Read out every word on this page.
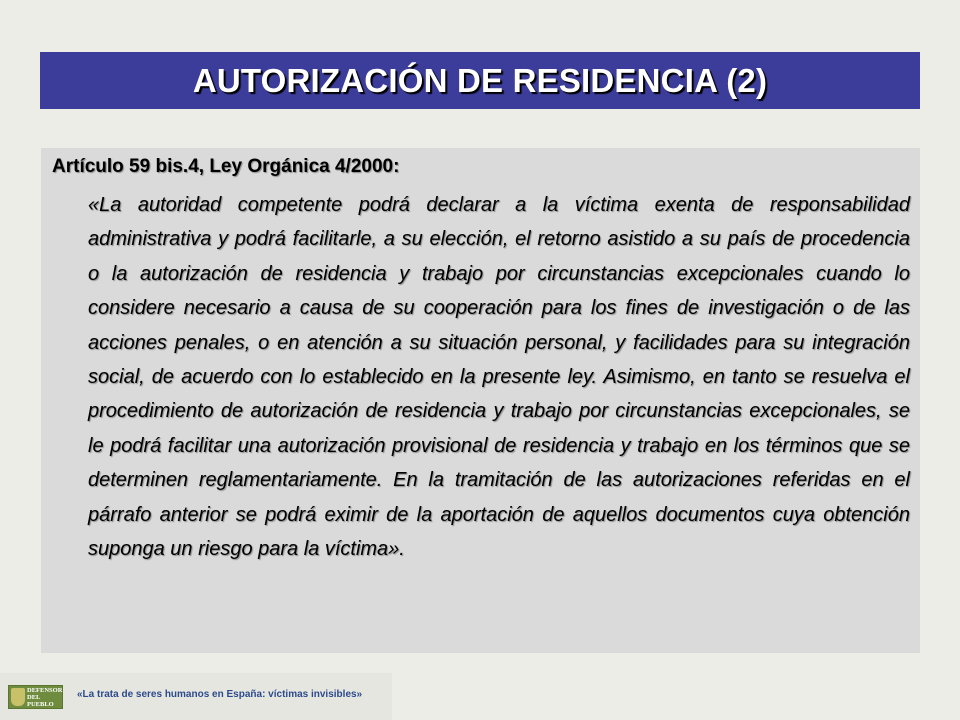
AUTORIZACIÓN DE RESIDENCIA (2)
Artículo 59 bis.4, Ley Orgánica 4/2000:

«La autoridad competente podrá declarar a la víctima exenta de responsabilidad administrativa y podrá facilitarle, a su elección, el retorno asistido a su país de procedencia o la autorización de residencia y trabajo por circunstancias excepcionales cuando lo considere necesario a causa de su cooperación para los fines de investigación o de las acciones penales, o en atención a su situación personal, y facilidades para su integración social, de acuerdo con lo establecido en la presente ley. Asimismo, en tanto se resuelva el procedimiento de autorización de residencia y trabajo por circunstancias excepcionales, se le podrá facilitar una autorización provisional de residencia y trabajo en los términos que se determinen reglamentariamente. En la tramitación de las autorizaciones referidas en el párrafo anterior se podrá eximir de la aportación de aquellos documentos cuya obtención suponga un riesgo para la víctima».

DEFENSOR
DEL PUEBLO
«La trata de seres humanos en España: víctimas invisibles»
